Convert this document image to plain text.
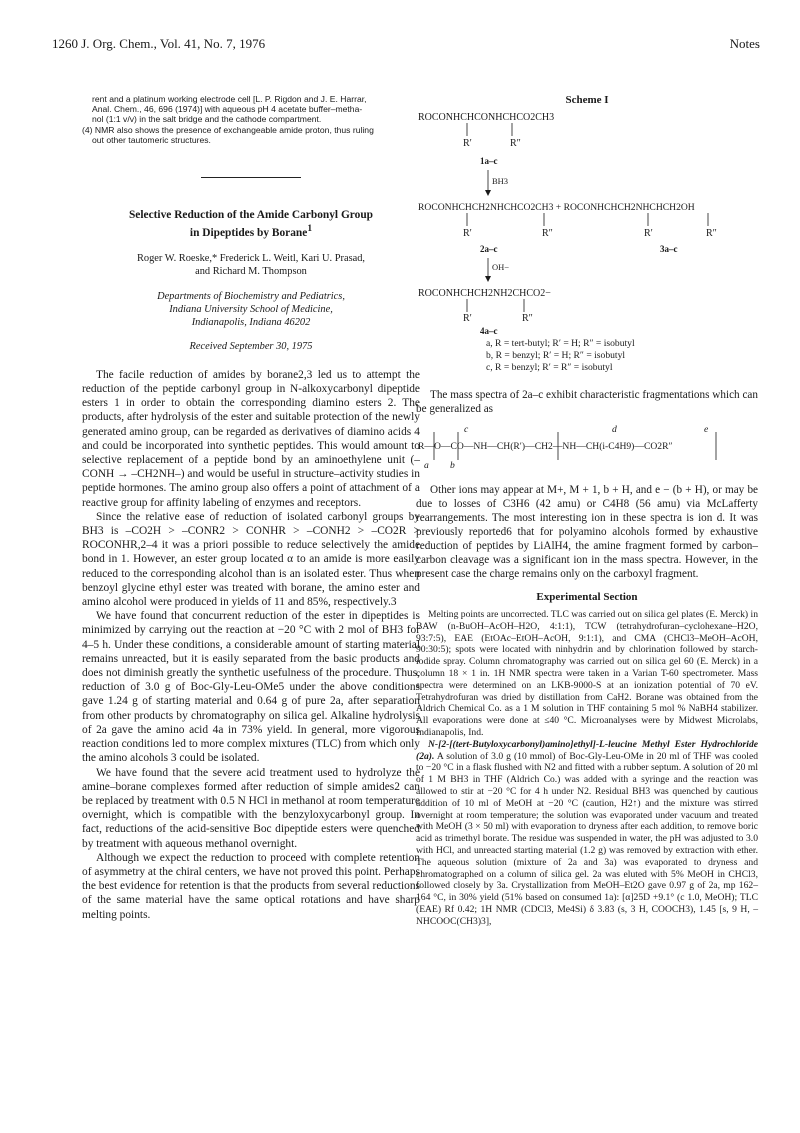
1260 J. Org. Chem., Vol. 41, No. 7, 1976	Notes
rent and a platinum working electrode cell [L. P. Rigdon and J. E. Harrar,
Anal. Chem., 46, 696 (1974)] with aqueous pH 4 acetate buffer–metha-
nol (1:1 v/v) in the salt bridge and the cathode compartment.
(4) NMR also shows the presence of exchangeable amide proton, thus ruling
out other tautomeric structures.
Selective Reduction of the Amide Carbonyl Group
in Dipeptides by Borane$^1$
Roger W. Roeske,* Frederick L. Weitl, Kari U. Prasad,
and Richard M. Thompson
Departments of Biochemistry and Pediatrics,
Indiana University School of Medicine,
Indianapolis, Indiana 46202
Received September 30, 1975

The facile reduction of amides by borane2,3 led us to attempt the reduction of the peptide carbonyl group in N-alkoxycarbonyl dipeptide esters 1 in order to obtain the corresponding diamino esters 2. The products, after hydrolysis of the ester and suitable protection of the newly generated amino group, can be regarded as derivatives of diamino acids 4 and could be incorporated into synthetic peptides. This would amount to selective replacement of a peptide bond by an aminoethylene unit (–CONH → –CH2NH–) and would be useful in structure–activity studies in peptide hormones. The amino group also offers a point of attachment of a reactive group for affinity labeling of enzymes and receptors.

Since the relative ease of reduction of isolated carbonyl groups by BH3 is –CO2H > –CONR2 > CONHR > –CONH2 > –CO2R > ROCONHR,2–4 it was a priori possible to reduce selectively the amide bond in 1. However, an ester group located α to an amide is more easily reduced to the corresponding alcohol than is an isolated ester. Thus when benzoyl glycine ethyl ester was treated with borane, the amino ester and amino alcohol were produced in yields of 11 and 85%, respectively.3

We have found that concurrent reduction of the ester in dipeptides is minimized by carrying out the reaction at −20 °C with 2 mol of BH3 for 4–5 h. Under these conditions, a considerable amount of starting material remains unreacted, but it is easily separated from the basic products and does not diminish greatly the synthetic usefulness of the procedure. Thus, reduction of 3.0 g of Boc-Gly-Leu-OMe5 under the above conditions gave 1.24 g of starting material and 0.64 g of pure 2a, after separation from other products by chromatography on silica gel. Alkaline hydrolysis of 2a gave the amino acid 4a in 73% yield. In general, more vigorous reaction conditions led to more complex mixtures (TLC) from which only the amino alcohols 3 could be isolated.

We have found that the severe acid treatment used to hydrolyze the amine–borane complexes formed after reduction of simple amides2 can be replaced by treatment with 0.5 N HCl in methanol at room temperature overnight, which is compatible with the benzyloxycarbonyl group. In fact, reductions of the acid-sensitive Boc dipeptide esters were quenched by treatment with aqueous methanol overnight.

Although we expect the reduction to proceed with complete retention of asymmetry at the chiral centers, we have not proved this point. Perhaps the best evidence for retention is that the products from several reductions of the same material have the same optical rotations and have sharp melting points.

Scheme I
ROCONHCHCONHCHCO2CH3
R′	R″
1a–c
BH3
ROCONHCHCH2NHCHCO2CH3 + ROCONHCHCH2NHCHCH2OH
R′	R″	R′	R″
2a–c	3a–c
OH−
ROCONHCHCH2NH2CHCO2−
R′	R″
4a–c
a, R = tert-butyl; R′ = H; R″ = isobutyl
b, R = benzyl; R′ = H; R″ = isobutyl
c, R = benzyl; R′ = R″ = isobutyl

The mass spectra of 2a–c exhibit characteristic fragmentations which can be generalized as

R—O—CO—NH—CH(R′)—CH2—NH—CH(i-C4H9)—CO2R″
c	d	e
a b

Other ions may appear at M+, M + 1, b + H, and e − (b + H), or may be due to losses of C3H6 (42 amu) or C4H8 (56 amu) via McLafferty rearrangements. The most interesting ion in these spectra is ion d. It was previously reported6 that for polyamino alcohols formed by exhaustive reduction of peptides by LiAlH4, the amine fragment formed by carbon–carbon cleavage was a significant ion in the mass spectra. However, in the present case the charge remains only on the carboxyl fragment.

Experimental Section

Melting points are uncorrected. TLC was carried out on silica gel plates (E. Merck) in BAW (n-BuOH–AcOH–H2O, 4:1:1), TCW (tetrahydrofuran–cyclohexane–H2O, 93:7:5), EAE (EtOAc–EtOH–AcOH, 9:1:1), and CMA (CHCl3–MeOH–AcOH, 90:30:5); spots were located with ninhydrin and by chlorination followed by starch-iodide spray. Column chromatography was carried out on silica gel 60 (E. Merck) in a column 18 × 1 in. 1H NMR spectra were taken in a Varian T-60 spectrometer. Mass spectra were determined on an LKB-9000-S at an ionization potential of 70 eV. Tetrahydrofuran was dried by distillation from CaH2. Borane was obtained from the Aldrich Chemical Co. as a 1 M solution in THF containing 5 mol % NaBH4 stabilizer. All evaporations were done at ≤40 °C. Microanalyses were by Midwest Microlabs, Indianapolis, Ind.

N-[2-[(tert-Butyloxycarbonyl)amino]ethyl]-L-leucine Methyl Ester Hydrochloride (2a). A solution of 3.0 g (10 mmol) of Boc-Gly-Leu-OMe in 20 ml of THF was cooled to −20 °C in a flask flushed with N2 and fitted with a rubber septum. A solution of 20 ml of 1 M BH3 in THF (Aldrich Co.) was added with a syringe and the reaction was allowed to stir at −20 °C for 4 h under N2. Residual BH3 was quenched by cautious addition of 10 ml of MeOH at −20 °C (caution, H2↑) and the mixture was stirred overnight at room temperature; the solution was evaporated under vacuum and treated with MeOH (3 × 50 ml) with evaporation to dryness after each addition, to remove boric acid as trimethyl borate. The residue was suspended in water, the pH was adjusted to 3.0 with HCl, and unreacted starting material (1.2 g) was removed by extraction with ether. The aqueous solution (mixture of 2a and 3a) was evaporated to dryness and chromatographed on a column of silica gel. 2a was eluted with 5% MeOH in CHCl3, followed closely by 3a. Crystallization from MeOH–Et2O gave 0.97 g of 2a, mp 162–164 °C, in 30% yield (51% based on consumed 1a): [α]25D +9.1° (c 1.0, MeOH); TLC (EAE) Rf 0.42; 1H NMR (CDCl3, Me4Si) δ 3.83 (s, 3 H, COOCH3), 1.45 [s, 9 H, –NHCOOC(CH3)3],
